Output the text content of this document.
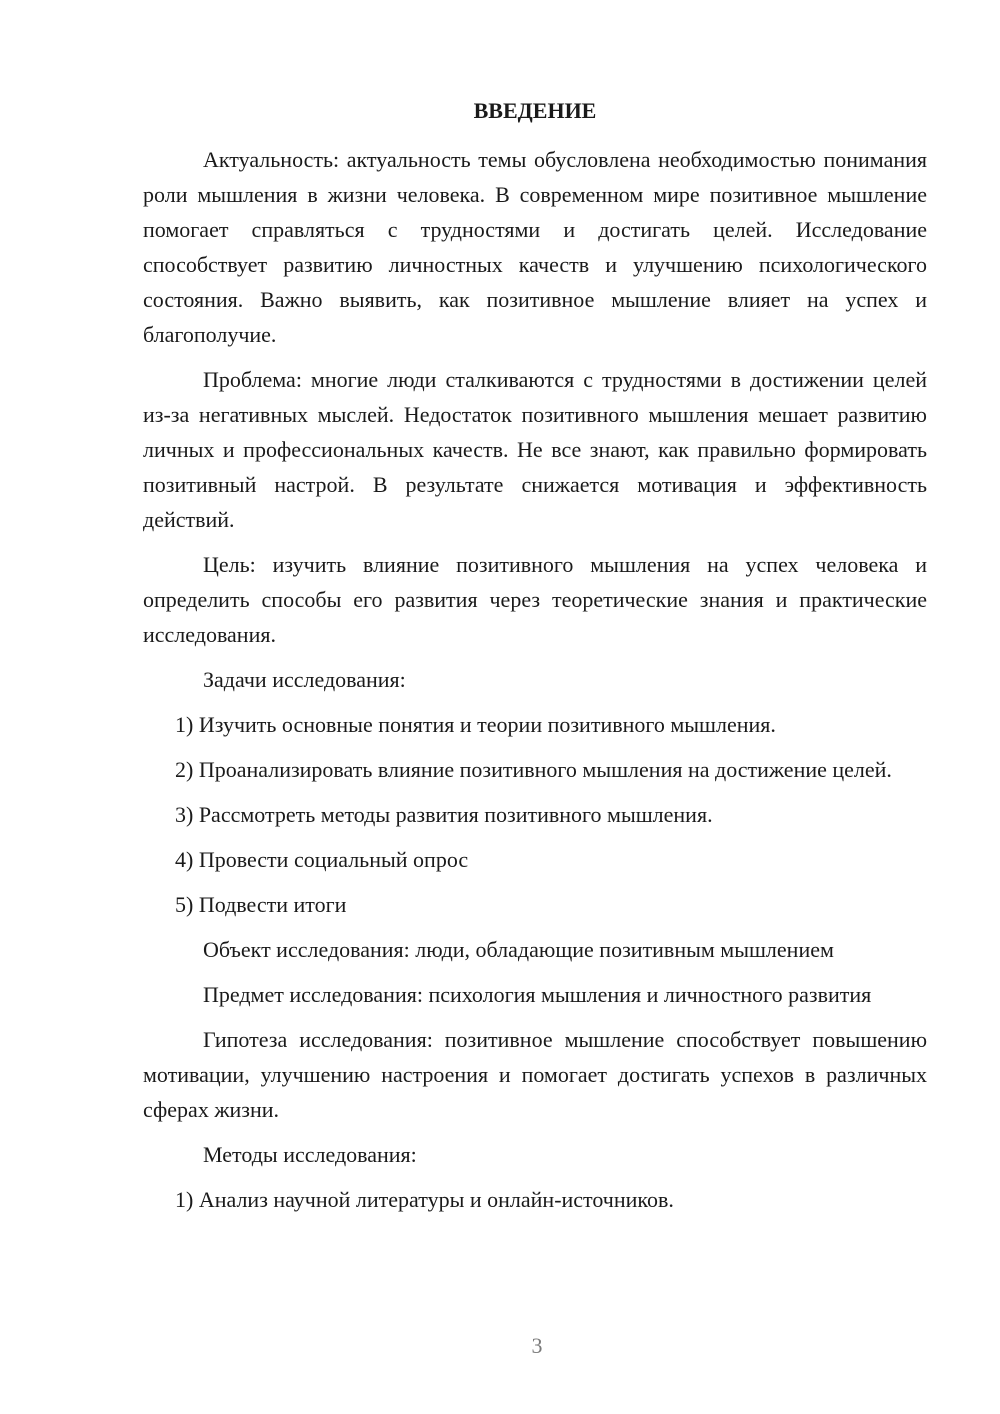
ВВЕДЕНИЕ

Актуальность: актуальность темы обусловлена необходимостью понимания роли мышления в жизни человека. В современном мире позитивное мышление помогает справляться с трудностями и достигать целей. Исследование способствует развитию личностных качеств и улучшению психологического состояния. Важно выявить, как позитивное мышление влияет на успех и благополучие.

Проблема: многие люди сталкиваются с трудностями в достижении целей из-за негативных мыслей. Недостаток позитивного мышления мешает развитию личных и профессиональных качеств. Не все знают, как правильно формировать позитивный настрой. В результате снижается мотивация и эффективность действий.

Цель: изучить влияние позитивного мышления на успех человека и определить способы его развития через теоретические знания и практические исследования.

Задачи исследования:

1) Изучить основные понятия и теории позитивного мышления.

2) Проанализировать влияние позитивного мышления на достижение целей.

3) Рассмотреть методы развития позитивного мышления.

4) Провести социальный опрос

5) Подвести итоги

Объект исследования: люди, обладающие позитивным мышлением

Предмет исследования: психология мышления и личностного развития

Гипотеза исследования: позитивное мышление способствует повышению мотивации, улучшению настроения и помогает достигать успехов в различных сферах жизни.

Методы исследования:

1) Анализ научной литературы и онлайн-источников.

3
